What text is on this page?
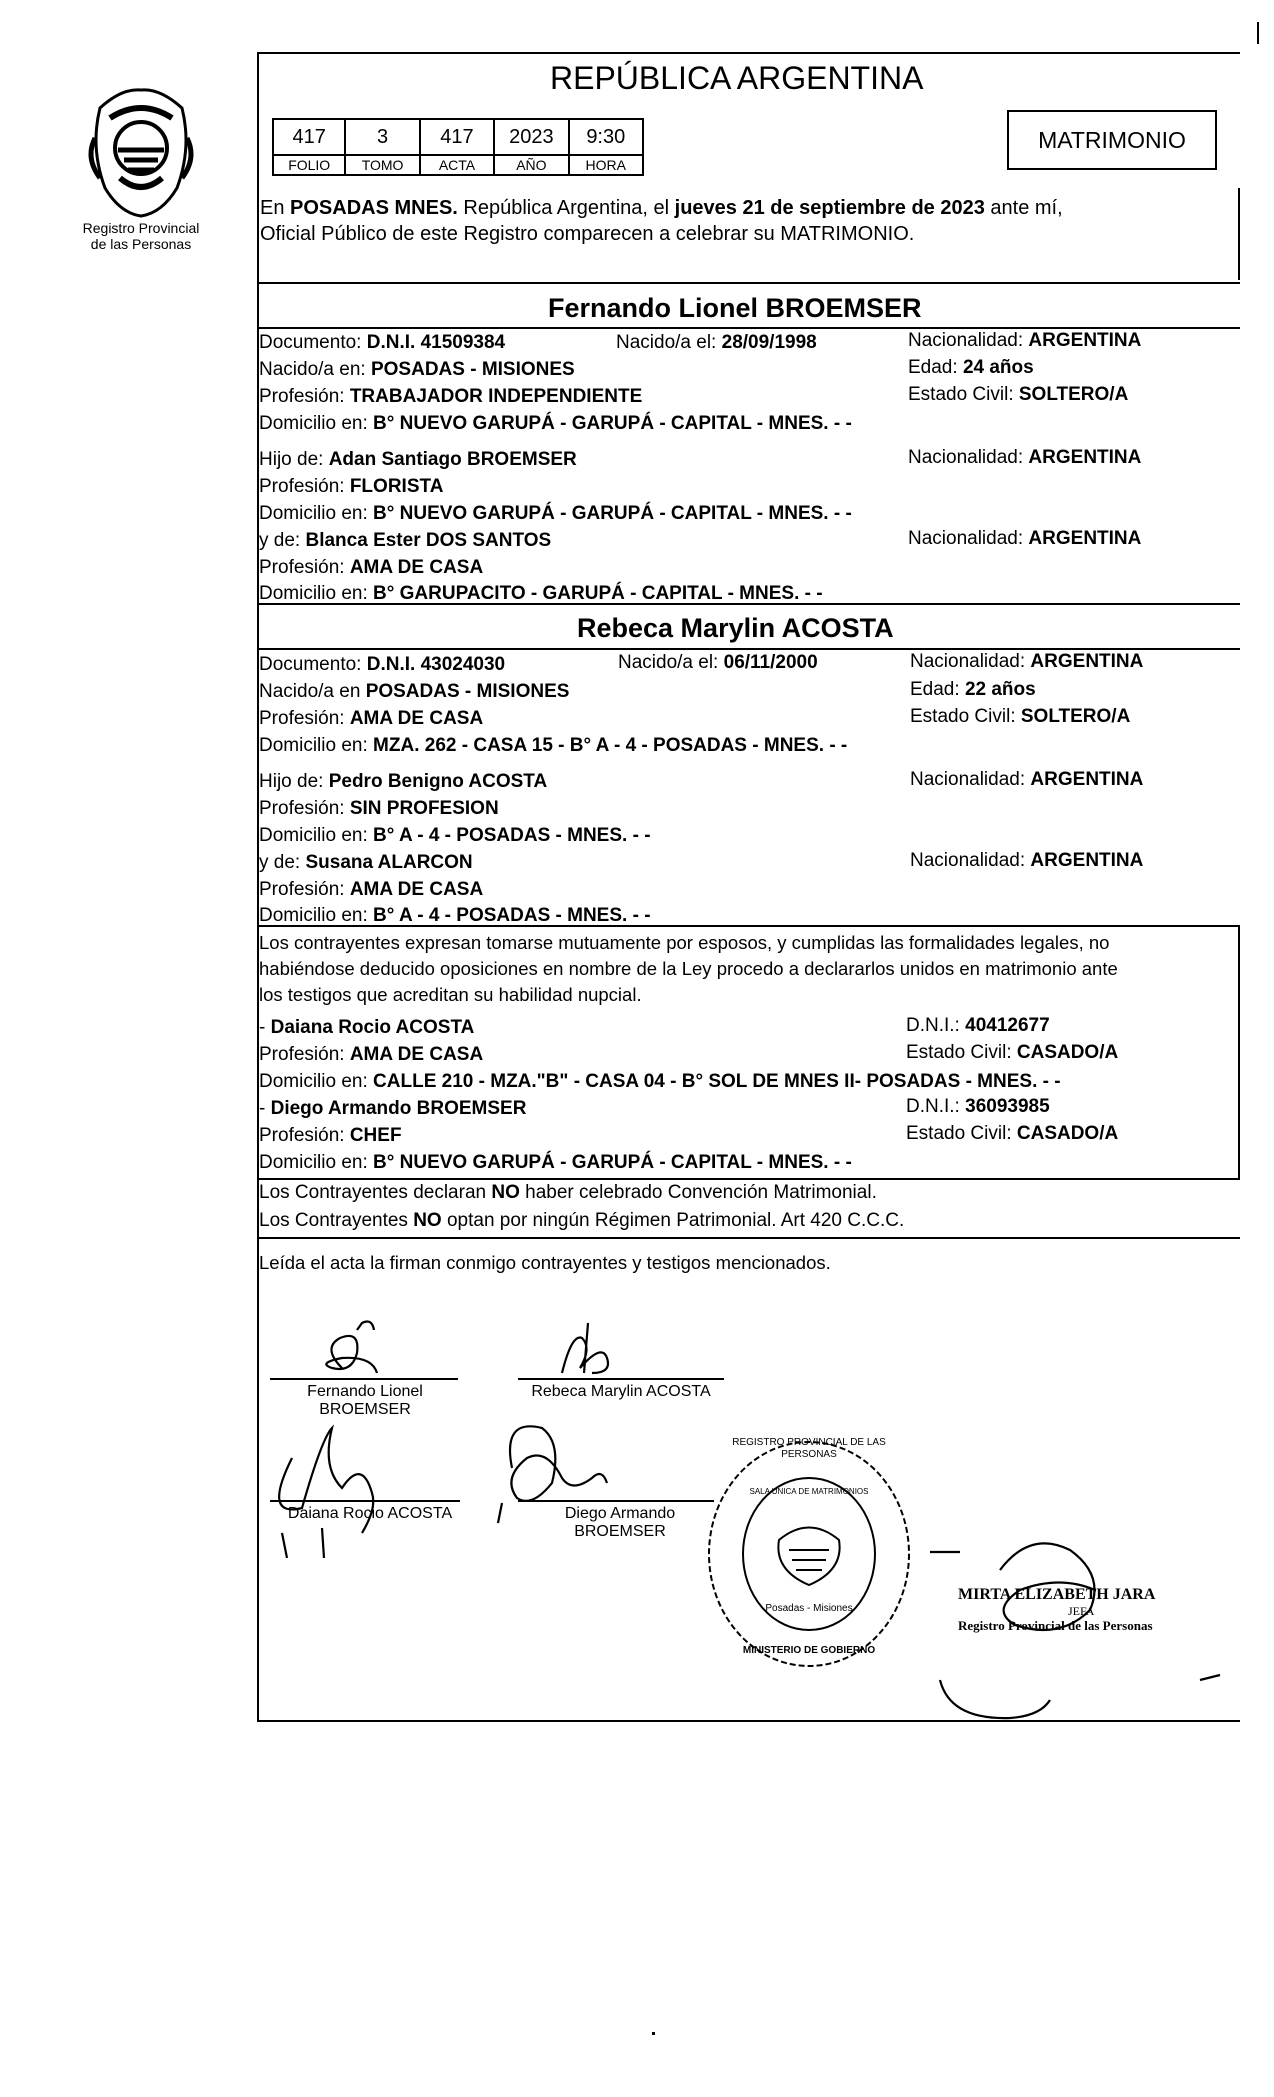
Registro Provincial
de las Personas
REPÚBLICA ARGENTINA
417	3	417	2023	9:30
FOLIO	TOMO	ACTA	AÑO	HORA
MATRIMONIO
En POSADAS MNES. República Argentina, el jueves 21 de septiembre de 2023 ante mí,
Oficial Público de este Registro comparecen a celebrar su MATRIMONIO.
Fernando Lionel BROEMSER
Documento: D.N.I. 41509384	Nacido/a el: 28/09/1998	Nacionalidad: ARGENTINA
Nacido/a en: POSADAS - MISIONES	Edad: 24 años
Profesión: TRABAJADOR INDEPENDIENTE	Estado Civil: SOLTERO/A
Domicilio en: B° NUEVO GARUPÁ - GARUPÁ - CAPITAL - MNES. - -
Hijo de: Adan Santiago BROEMSER	Nacionalidad: ARGENTINA
Profesión: FLORISTA
Domicilio en: B° NUEVO GARUPÁ - GARUPÁ - CAPITAL - MNES. - -
y de: Blanca Ester DOS SANTOS	Nacionalidad: ARGENTINA
Profesión: AMA DE CASA
Domicilio en: B° GARUPACITO - GARUPÁ - CAPITAL - MNES. - -
Rebeca Marylin ACOSTA
Documento: D.N.I. 43024030	Nacido/a el: 06/11/2000	Nacionalidad: ARGENTINA
Nacido/a en POSADAS - MISIONES	Edad: 22 años
Profesión: AMA DE CASA	Estado Civil: SOLTERO/A
Domicilio en: MZA. 262 - CASA 15 - B° A - 4 - POSADAS - MNES. - -
Hijo de: Pedro Benigno ACOSTA	Nacionalidad: ARGENTINA
Profesión: SIN PROFESION
Domicilio en: B° A - 4 - POSADAS - MNES. - -
y de: Susana ALARCON	Nacionalidad: ARGENTINA
Profesión: AMA DE CASA
Domicilio en: B° A - 4 - POSADAS - MNES. - -
Los contrayentes expresan tomarse mutuamente por esposos, y cumplidas las formalidades legales, no
habiéndose deducido oposiciones en nombre de la Ley procedo a declararlos unidos en matrimonio ante
los testigos que acreditan su habilidad nupcial.
- Daiana Rocio ACOSTA	D.N.I.: 40412677
Profesión: AMA DE CASA	Estado Civil: CASADO/A
Domicilio en: CALLE 210 - MZA."B" - CASA 04 - B° SOL DE MNES II- POSADAS - MNES. - -
- Diego Armando BROEMSER	D.N.I.: 36093985
Profesión: CHEF	Estado Civil: CASADO/A
Domicilio en: B° NUEVO GARUPÁ - GARUPÁ - CAPITAL - MNES. - -
Los Contrayentes declaran NO haber celebrado Convención Matrimonial.
Los Contrayentes NO optan por ningún Régimen Patrimonial. Art 420 C.C.C.
Leída el acta la firman conmigo contrayentes y testigos mencionados.
Fernando Lionel
BROEMSER
Rebeca Marylin ACOSTA
Daiana Rocio ACOSTA	Diego Armando
BROEMSER
REGISTRO PROVINCIAL DE LAS PERSONAS
SALA UNICA DE MATRIMONIOS
Posadas - Misiones
MINISTERIO DE GOBIERNO
MIRTA ELIZABETH JARA
JEFA
Registro Provincial de las Personas
